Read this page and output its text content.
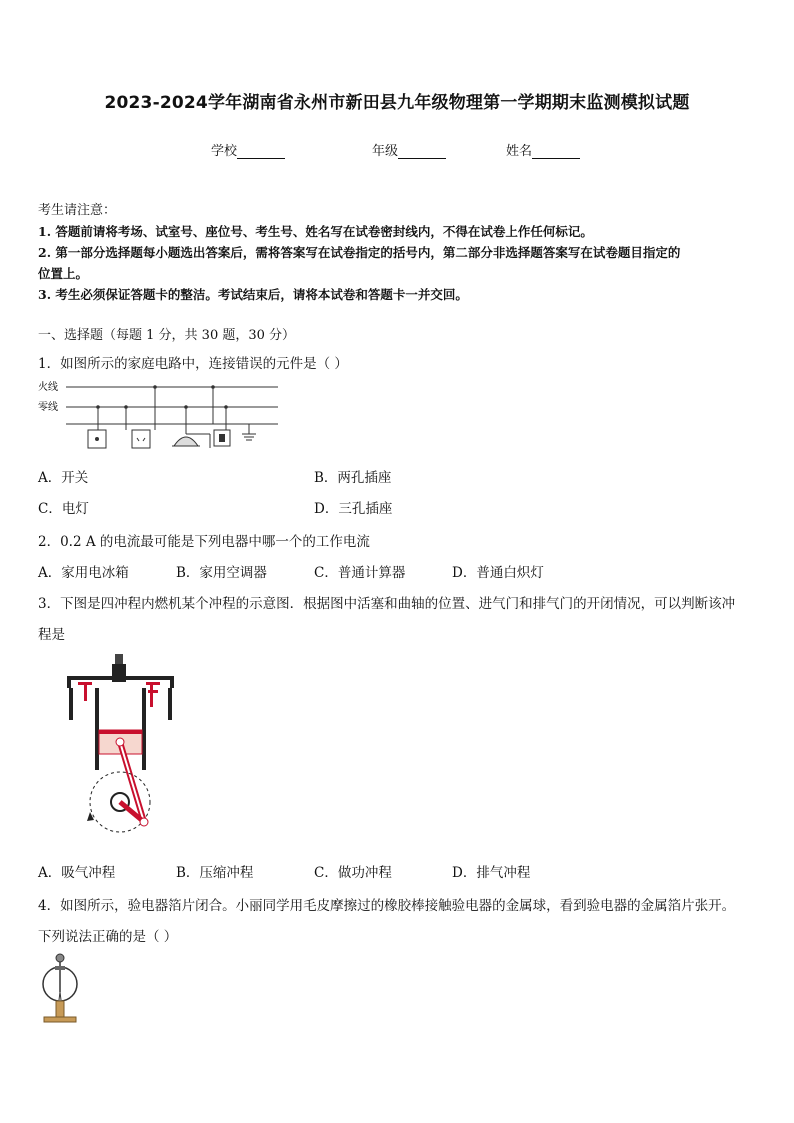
2023-2024学年湖南省永州市新田县九年级物理第一学期期末监测模拟试题
学校	年级	姓名
考生请注意：
1. 答题前请将考场、试室号、座位号、考生号、姓名写在试卷密封线内，不得在试卷上作任何标记。
2. 第一部分选择题每小题选出答案后，需将答案写在试卷指定的括号内，第二部分非选择题答案写在试卷题目指定的
位置上。
3. 考生必须保证答题卡的整洁。考试结束后，请将本试卷和答题卡一并交回。
一、选择题（每题 1 分，共 30 题，30 分）
1．如图所示的家庭电路中，连接错误的元件是（ ）
火线
零线
A．开关	B．两孔插座
C．电灯	D．三孔插座
2．0.2 A 的电流最可能是下列电器中哪一个的工作电流
A．家用电冰箱	B．家用空调器	C．普通计算器	D．普通白炽灯
3．下图是四冲程内燃机某个冲程的示意图．根据图中活塞和曲轴的位置、进气门和排气门的开闭情况，可以判断该冲
程是
A．吸气冲程	B．压缩冲程	C．做功冲程	D．排气冲程
4．如图所示，验电器箔片闭合。小丽同学用毛皮摩擦过的橡胶棒接触验电器的金属球，看到验电器的金属箔片张开。
下列说法正确的是（ ）
